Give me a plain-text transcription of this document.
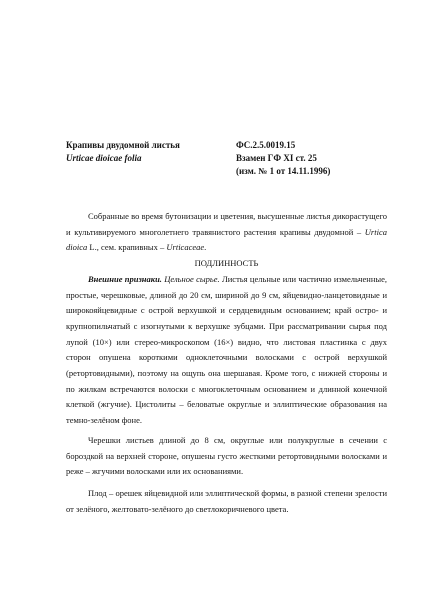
Крапивы двудомной листья
Urticae dioicae folia
ФС.2.5.0019.15
Взамен ГФ XI ст. 25
(изм. № 1 от 14.11.1996)

Собранные во время бутонизации и цветения, высушенные листья дикорастущего и культивируемого многолетнего травянистого растения крапивы двудомной – Urtica dioica L., сем. крапивных – Urticaceae.

ПОДЛИННОСТЬ

Внешние признаки. Цельное сырье. Листья цельные или частично измельченные, простые, черешковые, длиной до 20 см, шириной до 9 см, яйцевидно-ланцетовидные и широкояйцевидные с острой верхушкой и сердцевидным основанием; край остро- и крупнопильчатый с изогнутыми к верхушке зубцами. При рассматривании сырья под лупой (10×) или стерео-микроскопом (16×) видно, что листовая пластинка с двух сторон опушена короткими одноклеточными волосками с острой верхушкой (ретортовидными), поэтому на ощупь она шершавая. Кроме того, с нижней стороны и по жилкам встречаются волоски с многоклеточным основанием и длинной конечной клеткой (жгучие). Цистолиты – беловатые округлые и эллиптические образования на темно-зелёном фоне.

Черешки листьев длиной до 8 см, округлые или полукруглые в сечении с бороздкой на верхней стороне, опушены густо жесткими ретортовидными волосками и реже – жгучими волосками или их основаниями.

Плод – орешек яйцевидной или эллиптической формы, в разной степени зрелости от зелёного, желтовато-зелёного до светлокоричневого цвета.
